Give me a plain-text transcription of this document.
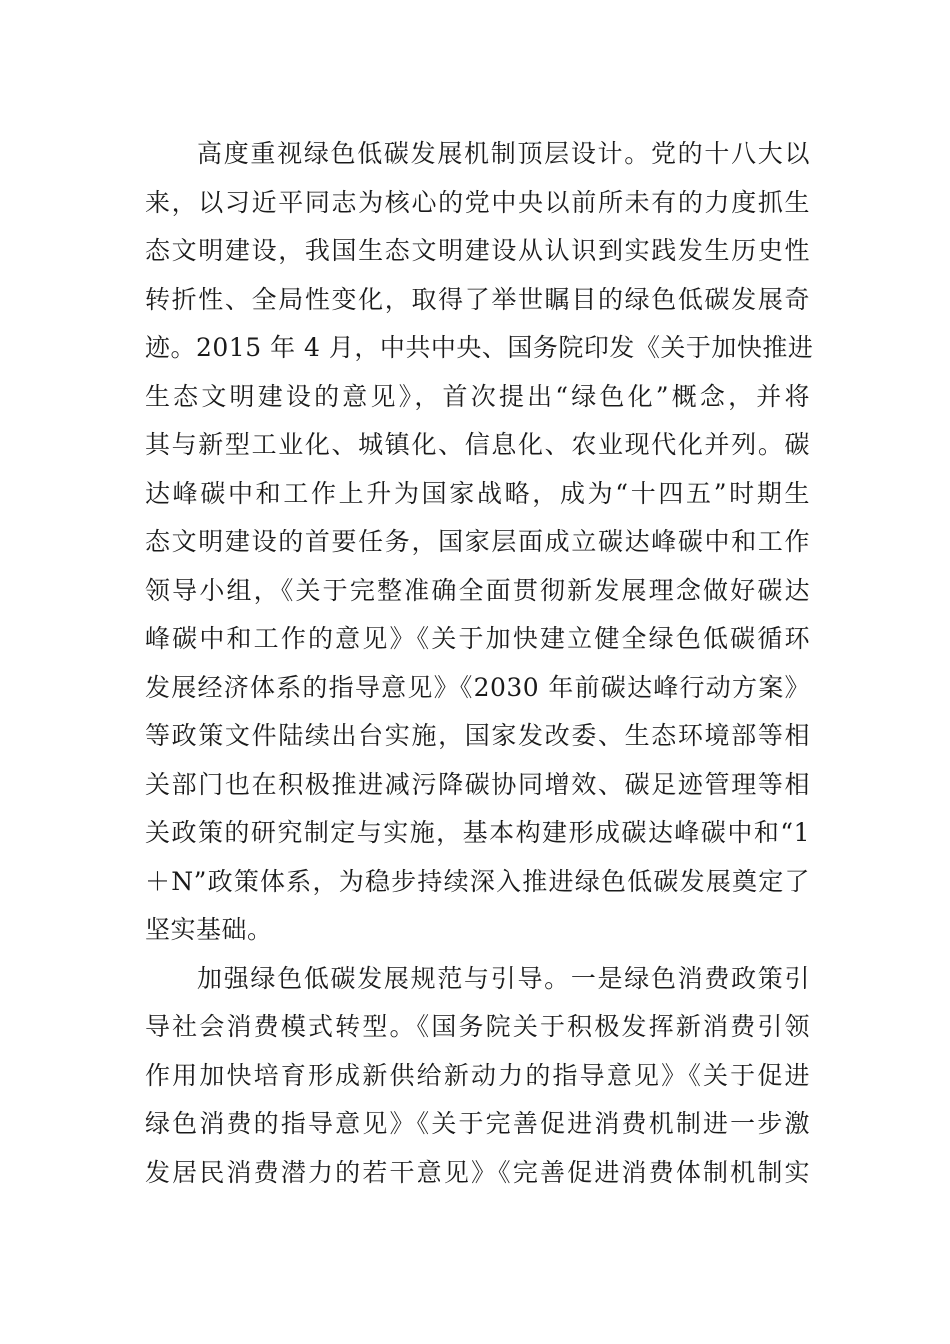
高度重视绿色低碳发展机制顶层设计。党的十八大以
来，以习近平同志为核心的党中央以前所未有的力度抓生
态文明建设，我国生态文明建设从认识到实践发生历史性
转折性、全局性变化，取得了举世瞩目的绿色低碳发展奇
迹。2015 年 4 月，中共中央、国务院印发《关于加快推进
生态文明建设的意见》，首次提出“绿色化”概念，并将
其与新型工业化、城镇化、信息化、农业现代化并列。碳
达峰碳中和工作上升为国家战略，成为“十四五”时期生
态文明建设的首要任务，国家层面成立碳达峰碳中和工作
领导小组，《关于完整准确全面贯彻新发展理念做好碳达
峰碳中和工作的意见》《关于加快建立健全绿色低碳循环
发展经济体系的指导意见》《2030 年前碳达峰行动方案》
等政策文件陆续出台实施，国家发改委、生态环境部等相
关部门也在积极推进减污降碳协同增效、碳足迹管理等相
关政策的研究制定与实施，基本构建形成碳达峰碳中和“1
＋N”政策体系，为稳步持续深入推进绿色低碳发展奠定了
坚实基础。
加强绿色低碳发展规范与引导。一是绿色消费政策引
导社会消费模式转型。《国务院关于积极发挥新消费引领
作用加快培育形成新供给新动力的指导意见》《关于促进
绿色消费的指导意见》《关于完善促进消费机制进一步激
发居民消费潜力的若干意见》《完善促进消费体制机制实
